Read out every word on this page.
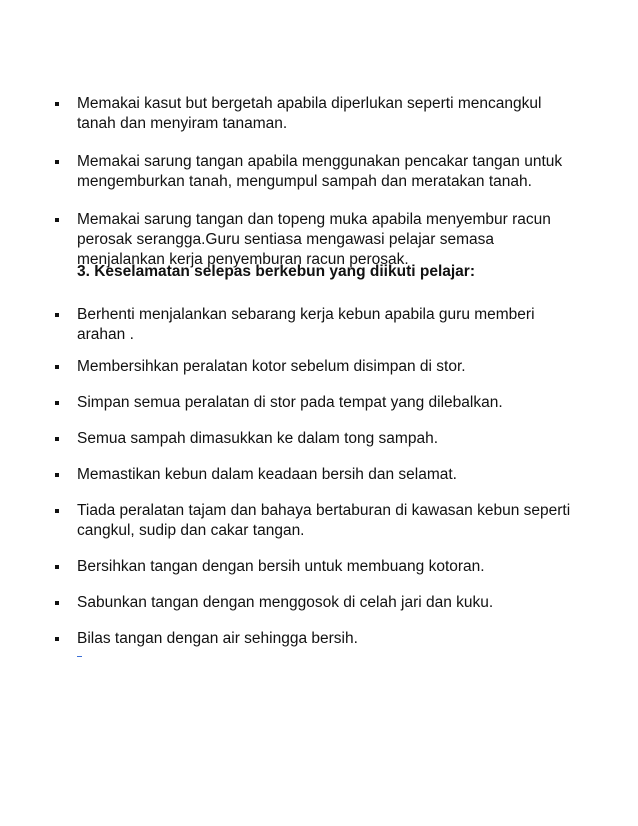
Memakai kasut but bergetah apabila diperlukan seperti mencangkul tanah dan menyiram tanaman.
Memakai sarung tangan apabila menggunakan pencakar tangan untuk mengemburkan tanah, mengumpul sampah dan meratakan tanah.
Memakai sarung tangan dan topeng muka apabila menyembur racun perosak serangga.Guru sentiasa mengawasi pelajar semasa menjalankan kerja penyemburan racun perosak.
3. Keselamatan selepas berkebun yang diikuti pelajar:
Berhenti menjalankan sebarang kerja kebun apabila guru memberi arahan .
Membersihkan peralatan kotor sebelum disimpan di stor.
Simpan semua peralatan di stor pada tempat yang dilebalkan.
Semua sampah dimasukkan ke dalam tong sampah.
Memastikan kebun dalam keadaan bersih dan selamat.
Tiada peralatan tajam dan bahaya bertaburan di kawasan kebun seperti cangkul, sudip dan cakar tangan.
Bersihkan tangan dengan bersih untuk membuang kotoran.
Sabunkan tangan dengan menggosok di celah jari dan kuku.
Bilas tangan dengan air sehingga bersih.
